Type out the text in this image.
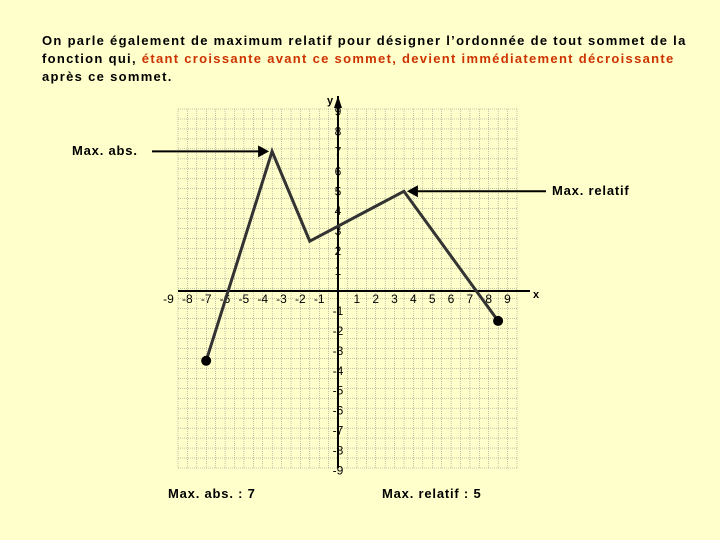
On parle également de maximum relatif pour désigner l’ordonnée de tout sommet de la fonction qui, étant croissante avant ce sommet, devient immédiatement décroissante après ce sommet.
x
y
-9 -8 -7 -6 -5 -4 -3 -2 -1 1 2 3 4 5 6 7 8 9
9
8
7
6
5
4
3
2
1
-1
-2
-3
-4
-5
-6
-7
-8
-9
Max. abs.
Max. relatif
Max. abs. : 7	Max. relatif : 5
